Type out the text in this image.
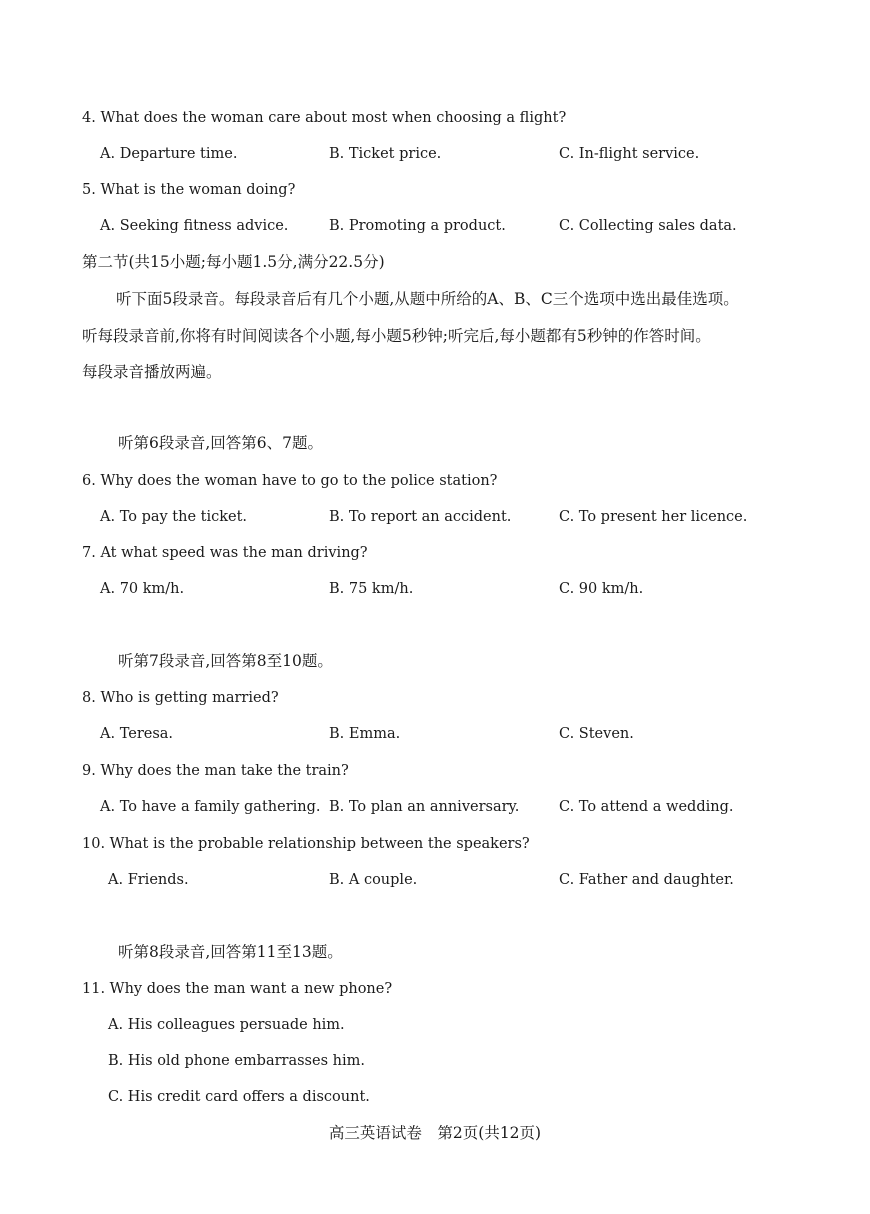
4. What does the woman care about most when choosing a flight?
A. Departure time.	B. Ticket price.	C. In-flight service.
5. What is the woman doing?
A. Seeking fitness advice.	B. Promoting a product.	C. Collecting sales data.
第二节(共15小题;每小题1.5分,满分22.5分)
听下面5段录音。每段录音后有几个小题,从题中所给的A、B、C三个选项中选出最佳选项。
听每段录音前,你将有时间阅读各个小题,每小题5秒钟;听完后,每小题都有5秒钟的作答时间。
每段录音播放两遍。
听第6段录音,回答第6、7题。
6. Why does the woman have to go to the police station?
A. To pay the ticket.	B. To report an accident.	C. To present her licence.
7. At what speed was the man driving?
A. 70 km/h.	B. 75 km/h.	C. 90 km/h.
听第7段录音,回答第8至10题。
8. Who is getting married?
A. Teresa.	B. Emma.	C. Steven.
9. Why does the man take the train?
A. To have a family gathering. B. To plan an anniversary.	C. To attend a wedding.
10. What is the probable relationship between the speakers?
A. Friends.	B. A couple.	C. Father and daughter.
听第8段录音,回答第11至13题。
11. Why does the man want a new phone?
A. His colleagues persuade him.
B. His old phone embarrasses him.
C. His credit card offers a discount.
高三英语试卷　第2页(共12页)
